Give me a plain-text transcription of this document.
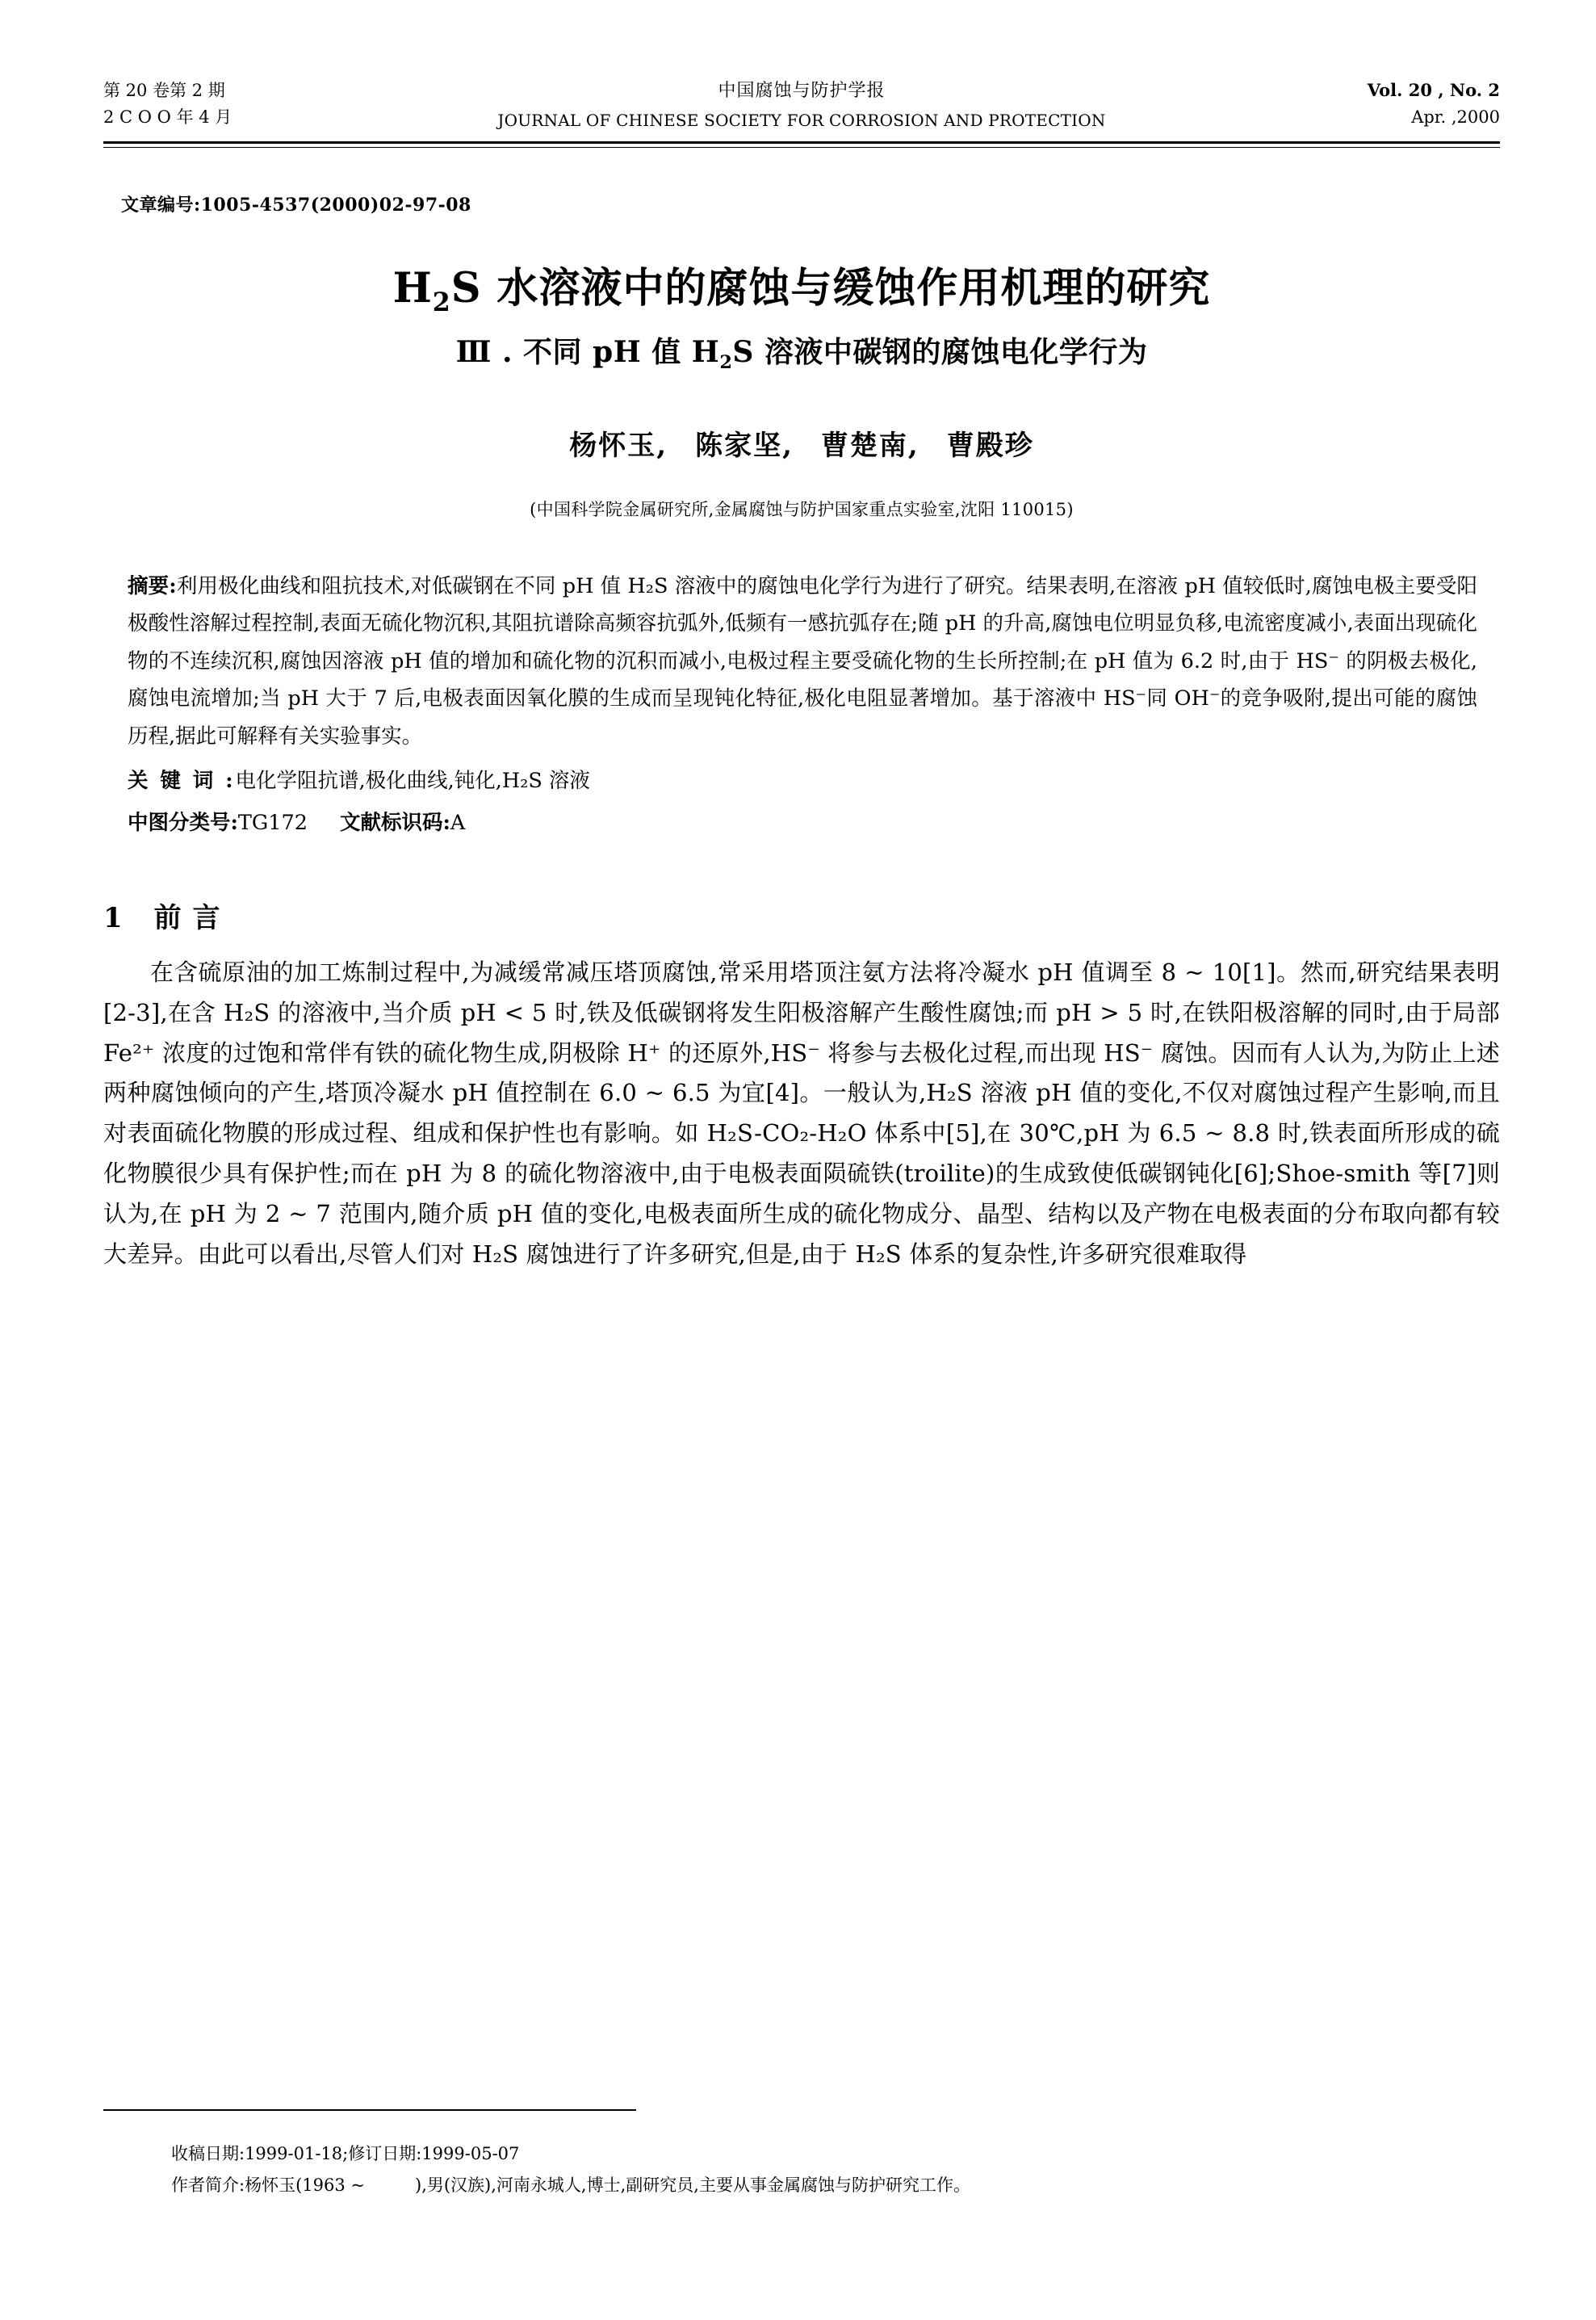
第 20 卷第 2 期
2 C O O 年 4 月
中国腐蚀与防护学报
JOURNAL OF CHINESE SOCIETY FOR CORROSION AND PROTECTION
Vol. 20 , No. 2
Apr. ,2000
文章编号:1005-4537(2000)02-97-08
$H_2S$ 水溶液中的腐蚀与缓蚀作用机理的研究
Ⅲ . 不同 pH 值 $H_2S$ 溶液中碳钢的腐蚀电化学行为
杨怀玉, 陈家坚, 曹楚南, 曹殿珍
(中国科学院金属研究所,金属腐蚀与防护国家重点实验室,沈阳 110015)
摘要:利用极化曲线和阻抗技术,对低碳钢在不同 pH 值 H₂S 溶液中的腐蚀电化学行为进行了研究。结果表明,在溶液 pH 值较低时,腐蚀电极主要受阳极酸性溶解过程控制,表面无硫化物沉积,其阻抗谱除高频容抗弧外,低频有一感抗弧存在;随 pH 的升高,腐蚀电位明显负移,电流密度减小,表面出现硫化物的不连续沉积,腐蚀因溶液 pH 值的增加和硫化物的沉积而减小,电极过程主要受硫化物的生长所控制;在 pH 值为 6.2 时,由于 HS⁻ 的阴极去极化,腐蚀电流增加;当 pH 大于 7 后,电极表面因氧化膜的生成而呈现钝化特征,极化电阻显著增加。基于溶液中 HS⁻同 OH⁻的竞争吸附,提出可能的腐蚀历程,据此可解释有关实验事实。
关 键 词 :电化学阻抗谱,极化曲线,钝化,H₂S 溶液
中图分类号:TG172 文献标识码:A
1 前 言
在含硫原油的加工炼制过程中,为减缓常减压塔顶腐蚀,常采用塔顶注氨方法将冷凝水 pH 值调至 8 ~ 10[1]。然而,研究结果表明[2-3],在含 H₂S 的溶液中,当介质 pH < 5 时,铁及低碳钢将发生阳极溶解产生酸性腐蚀;而 pH > 5 时,在铁阳极溶解的同时,由于局部 Fe²⁺ 浓度的过饱和常伴有铁的硫化物生成,阴极除 H⁺ 的还原外,HS⁻ 将参与去极化过程,而出现 HS⁻ 腐蚀。因而有人认为,为防止上述两种腐蚀倾向的产生,塔顶冷凝水 pH 值控制在 6.0 ~ 6.5 为宜[4]。一般认为,H₂S 溶液 pH 值的变化,不仅对腐蚀过程产生影响,而且对表面硫化物膜的形成过程、组成和保护性也有影响。如 H₂S-CO₂-H₂O 体系中[5],在 30℃,pH 为 6.5 ~ 8.8 时,铁表面所形成的硫化物膜很少具有保护性;而在 pH 为 8 的硫化物溶液中,由于电极表面陨硫铁(troilite)的生成致使低碳钢钝化[6];Shoe-smith 等[7]则认为,在 pH 为 2 ~ 7 范围内,随介质 pH 值的变化,电极表面所生成的硫化物成分、晶型、结构以及产物在电极表面的分布取向都有较大差异。由此可以看出,尽管人们对 H₂S 腐蚀进行了许多研究,但是,由于 H₂S 体系的复杂性,许多研究很难取得
收稿日期:1999-01-18;修订日期:1999-05-07
作者简介:杨怀玉(1963 ~	),男(汉族),河南永城人,博士,副研究员,主要从事金属腐蚀与防护研究工作。
